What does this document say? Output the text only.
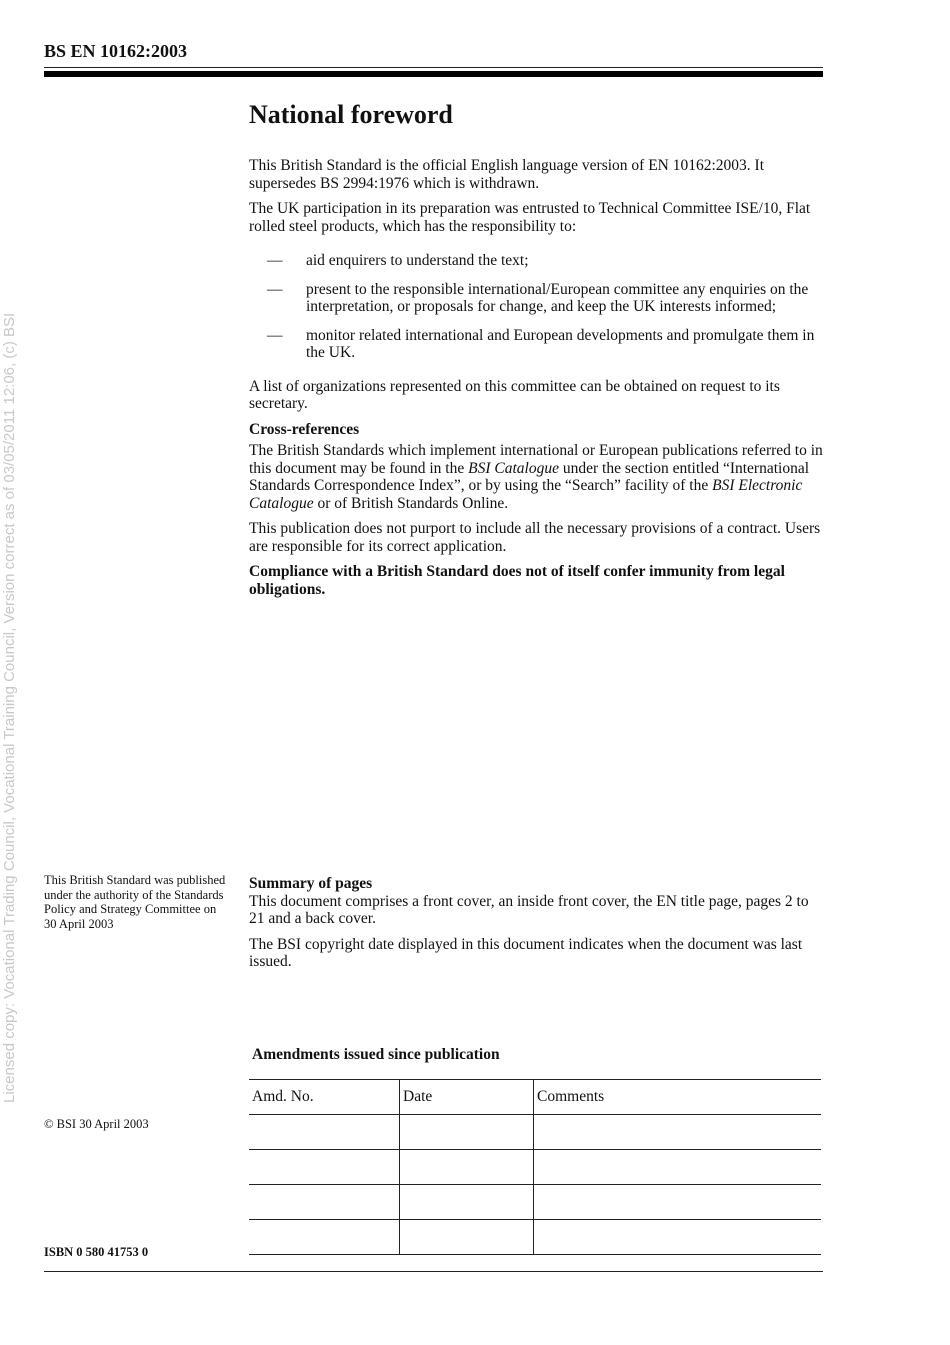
BS EN 10162:2003
Licensed copy: Vocational Trading Council, Vocational Training Council, Version correct as of 03/05/2011 12:06, (c) BSI
National foreword

This British Standard is the official English language version of EN 10162:2003. It supersedes BS 2994:1976 which is withdrawn.

The UK participation in its preparation was entrusted to Technical Committee ISE/10, Flat rolled steel products, which has the responsibility to:

— aid enquirers to understand the text;
— present to the responsible international/European committee any enquiries on the interpretation, or proposals for change, and keep the UK interests informed;
— monitor related international and European developments and promulgate them in the UK.

A list of organizations represented on this committee can be obtained on request to its secretary.

Cross-references

The British Standards which implement international or European publications referred to in this document may be found in the BSI Catalogue under the section entitled “International Standards Correspondence Index”, or by using the “Search” facility of the BSI Electronic Catalogue or of British Standards Online.

This publication does not purport to include all the necessary provisions of a contract. Users are responsible for its correct application.

Compliance with a British Standard does not of itself confer immunity from legal obligations.

This British Standard was published under the authority of the Standards Policy and Strategy Committee on 30 April 2003
Summary of pages

This document comprises a front cover, an inside front cover, the EN title page, pages 2 to 21 and a back cover.

The BSI copyright date displayed in this document indicates when the document was last issued.

Amendments issued since publication
Amd. No.	Date	Comments

© BSI 30 April 2003
ISBN 0 580 41753 0
